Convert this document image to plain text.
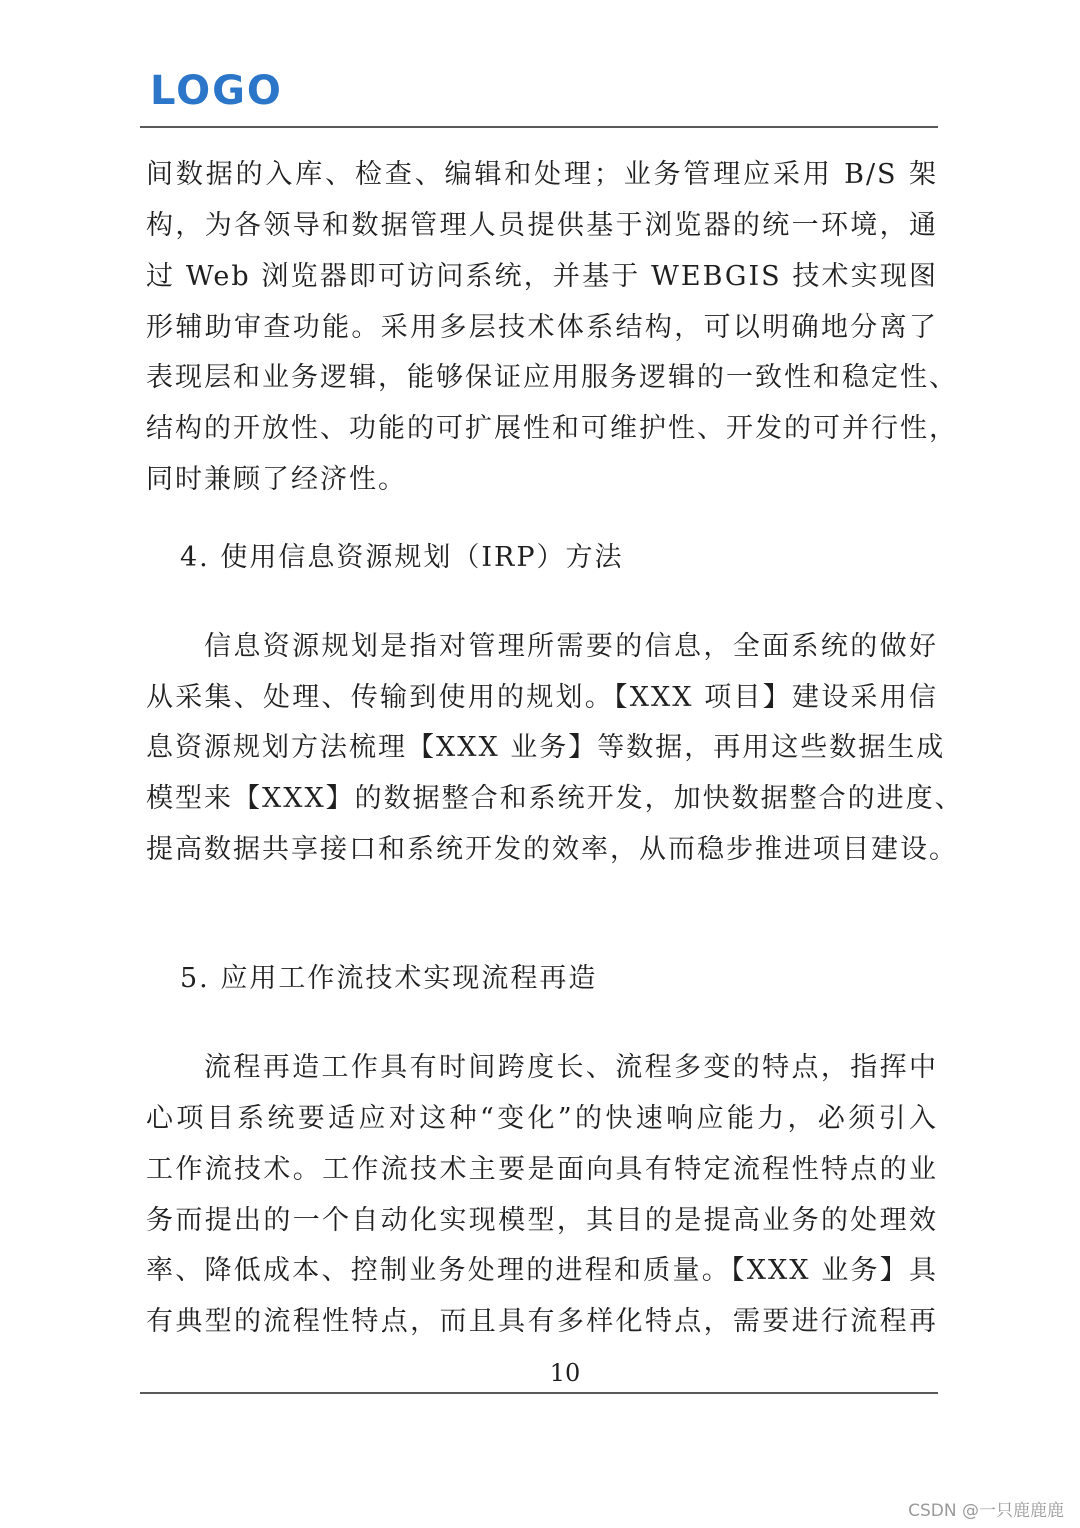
LOGO
间数据的入库、检查、编辑和处理；业务管理应采用 B/S 架
构，为各领导和数据管理人员提供基于浏览器的统一环境，通
过 Web 浏览器即可访问系统，并基于 WEBGIS 技术实现图
形辅助审查功能。采用多层技术体系结构，可以明确地分离了
表现层和业务逻辑，能够保证应用服务逻辑的一致性和稳定性、
结构的开放性、功能的可扩展性和可维护性、开发的可并行性，
同时兼顾了经济性。
4. 使用信息资源规划（IRP）方法
信息资源规划是指对管理所需要的信息，全面系统的做好
从采集、处理、传输到使用的规划。【XXX 项目】建设采用信
息资源规划方法梳理【XXX 业务】等数据，再用这些数据生成
模型来【XXX】的数据整合和系统开发，加快数据整合的进度、
提高数据共享接口和系统开发的效率，从而稳步推进项目建设。
5. 应用工作流技术实现流程再造
流程再造工作具有时间跨度长、流程多变的特点，指挥中
心项目系统要适应对这种“变化”的快速响应能力，必须引入
工作流技术。工作流技术主要是面向具有特定流程性特点的业
务而提出的一个自动化实现模型，其目的是提高业务的处理效
率、降低成本、控制业务处理的进程和质量。【XXX 业务】具
有典型的流程性特点，而且具有多样化特点，需要进行流程再
10
CSDN @一只鹿鹿鹿
